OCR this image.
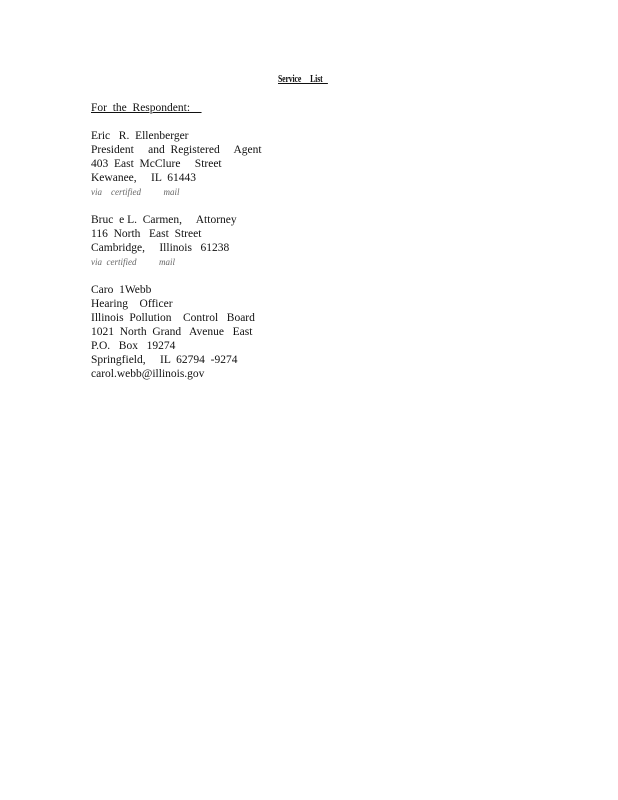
Service     List
For  the  Respondent:
Eric   R.  Ellenberger
President     and  Registered     Agent
403  East  McClure     Street
Kewanee,     IL  61443
via    certified          mail
Bruc  e L.  Carmen,     Attorney
116  North   East  Street
Cambridge,     Illinois   61238
via  certified          mail
Caro  1Webb
Hearing    Officer
Illinois  Pollution    Control   Board
1021  North  Grand   Avenue   East
P.O.   Box   19274
Springfield,     IL  62794  -9274
carol.webb@illinois.gov
